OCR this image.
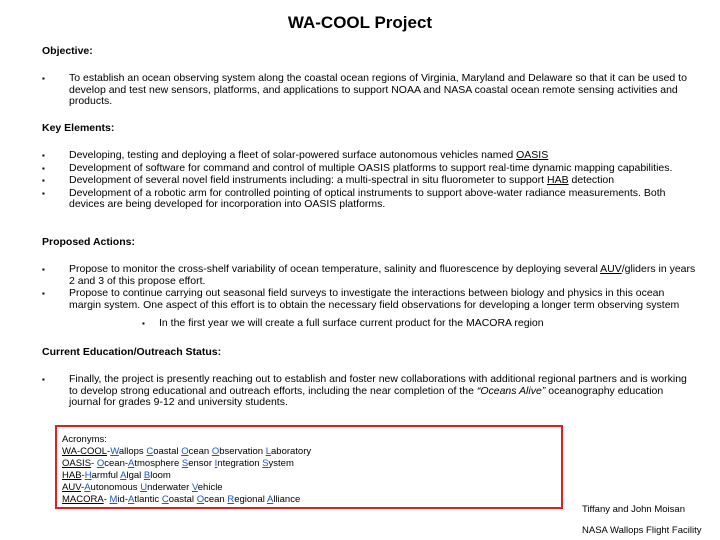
WA-COOL Project
Objective:
▪ To establish an ocean observing system along the coastal ocean regions of Virginia, Maryland and Delaware so that it can be used to develop and test new sensors, platforms, and applications to support NOAA and NASA coastal ocean remote sensing activities and products.
Key Elements:
▪ Developing, testing and deploying a fleet of solar-powered surface autonomous vehicles named OASIS
▪ Development of software for command and control of multiple OASIS platforms to support real-time dynamic mapping capabilities.
▪ Development of several novel field instruments including: a multi-spectral in situ fluorometer to support HAB detection
▪ Development of a robotic arm for controlled pointing of optical instruments to support above-water radiance measurements. Both devices are being developed for incorporation into OASIS platforms.
Proposed Actions:
▪ Propose to monitor the cross-shelf variability of ocean temperature, salinity and fluorescence by deploying several AUV/gliders in years 2 and 3 of this propose effort.
▪ Propose to continue carrying out seasonal field surveys to investigate the interactions between biology and physics in this ocean margin system. One aspect of this effort is to obtain the necessary field observations for developing a longer term observing system
▪ In the first year we will create a full surface current product for the MACORA region
Current Education/Outreach Status:
▪ Finally, the project is presently reaching out to establish and foster new collaborations with additional regional partners and is working to develop strong educational and outreach efforts, including the near completion of the “Oceans Alive” oceanography education journal for grades 9-12 and university students.
Acronyms:
WA-COOL-Wallops Coastal Ocean Observation Laboratory
OASIS- Ocean-Atmosphere Sensor Integration System
HAB-Harmful Algal Bloom
AUV-Autonomous Underwater Vehicle
MACORA- Mid-Atlantic Coastal Ocean Regional Alliance
Tiffany and John Moisan
NASA Wallops Flight Facility
